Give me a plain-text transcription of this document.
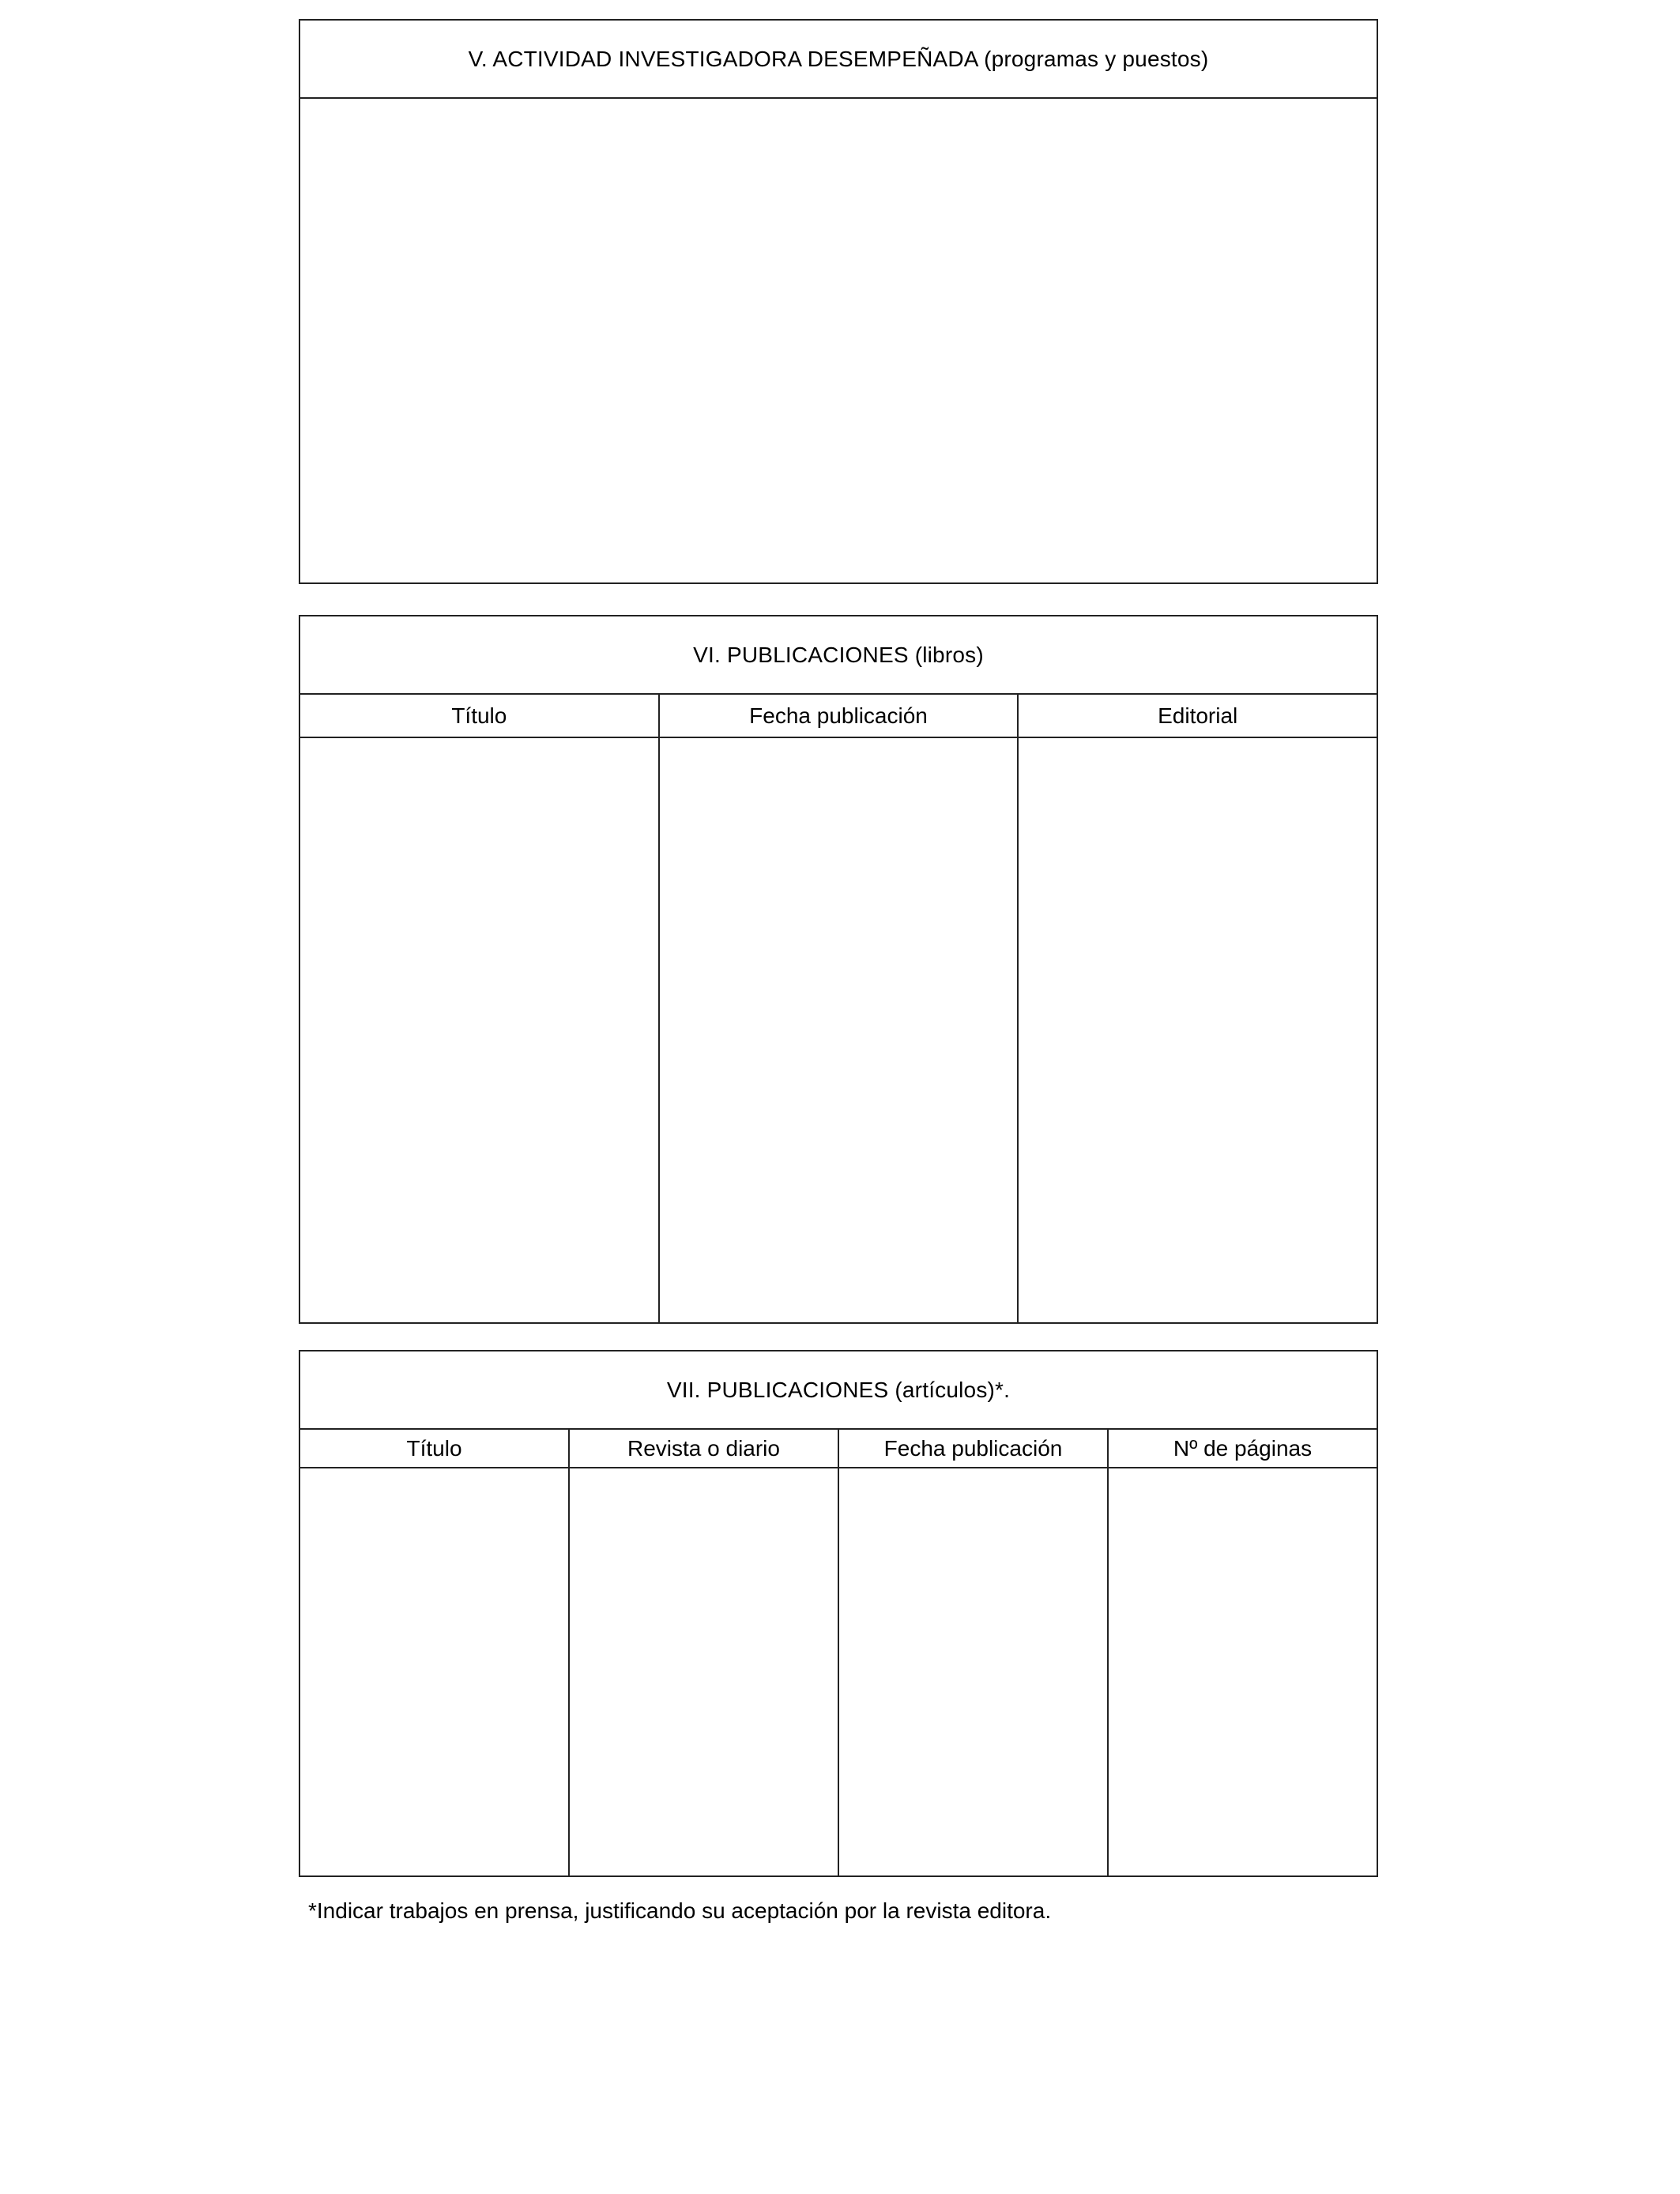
V. ACTIVIDAD INVESTIGADORA DESEMPEÑADA (programas y puestos)
VI. PUBLICACIONES (libros)
Título	Fecha publicación	Editorial
VII. PUBLICACIONES (artículos)*.
Título	Revista o diario	Fecha publicación	Nº de páginas
*Indicar trabajos en prensa, justificando su aceptación por la revista editora.
